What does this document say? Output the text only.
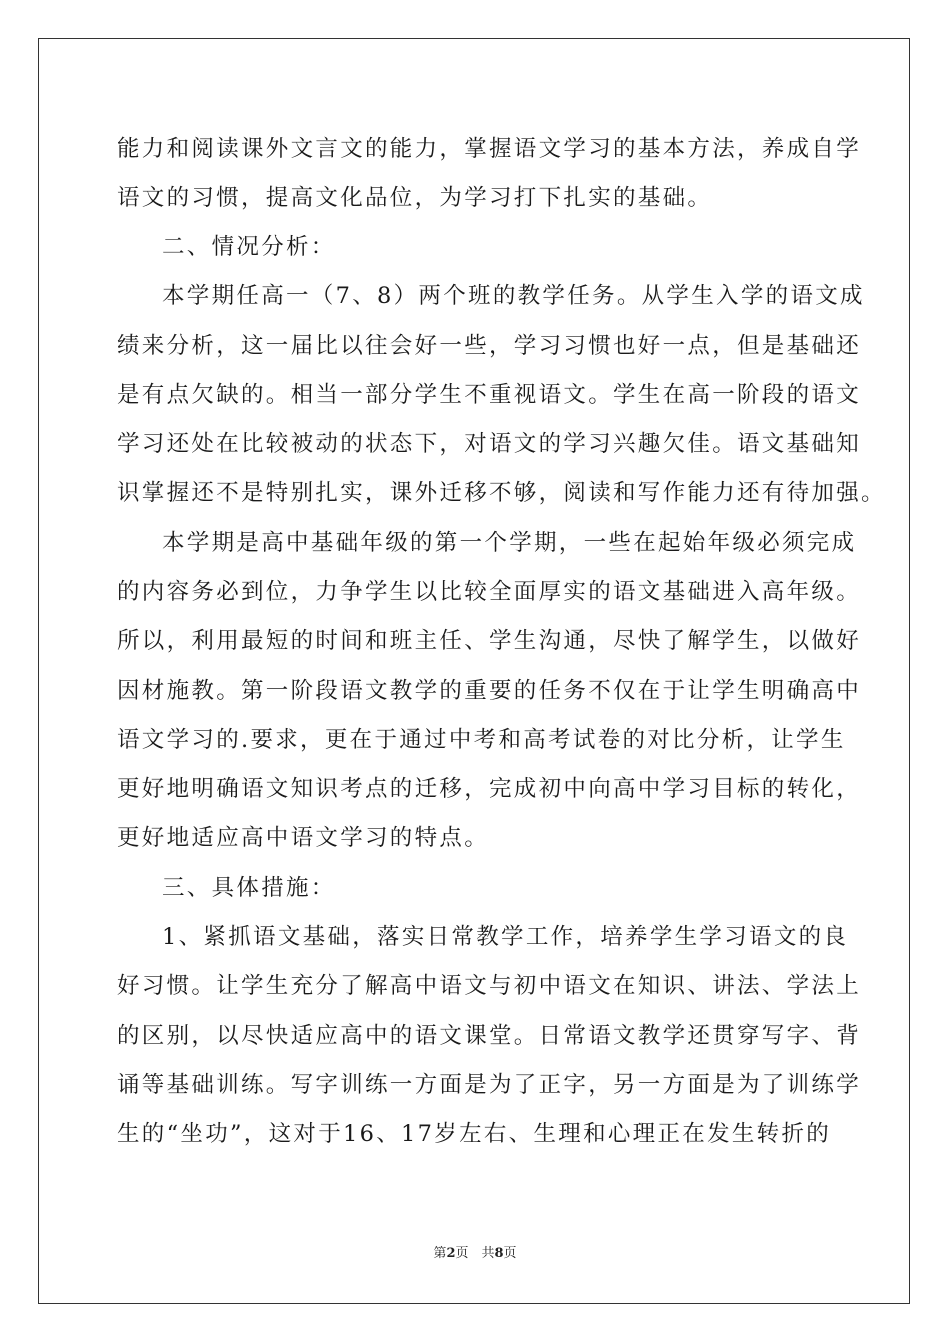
能力和阅读课外文言文的能力，掌握语文学习的基本方法，养成自学
语文的习惯，提高文化品位，为学习打下扎实的基础。
二、情况分析：
本学期任高一（7、8）两个班的教学任务。从学生入学的语文成
绩来分析，这一届比以往会好一些，学习习惯也好一点，但是基础还
是有点欠缺的。相当一部分学生不重视语文。学生在高一阶段的语文
学习还处在比较被动的状态下，对语文的学习兴趣欠佳。语文基础知
识掌握还不是特别扎实，课外迁移不够，阅读和写作能力还有待加强。
本学期是高中基础年级的第一个学期，一些在起始年级必须完成
的内容务必到位，力争学生以比较全面厚实的语文基础进入高年级。
所以，利用最短的时间和班主任、学生沟通，尽快了解学生，以做好
因材施教。第一阶段语文教学的重要的任务不仅在于让学生明确高中
语文学习的.要求，更在于通过中考和高考试卷的对比分析，让学生
更好地明确语文知识考点的迁移，完成初中向高中学习目标的转化，
更好地适应高中语文学习的特点。
三、具体措施：
1、紧抓语文基础，落实日常教学工作，培养学生学习语文的良
好习惯。让学生充分了解高中语文与初中语文在知识、讲法、学法上
的区别，以尽快适应高中的语文课堂。日常语文教学还贯穿写字、背
诵等基础训练。写字训练一方面是为了正字，另一方面是为了训练学
生的“坐功”，这对于16、17岁左右、生理和心理正在发生转折的
第2页　共8页
